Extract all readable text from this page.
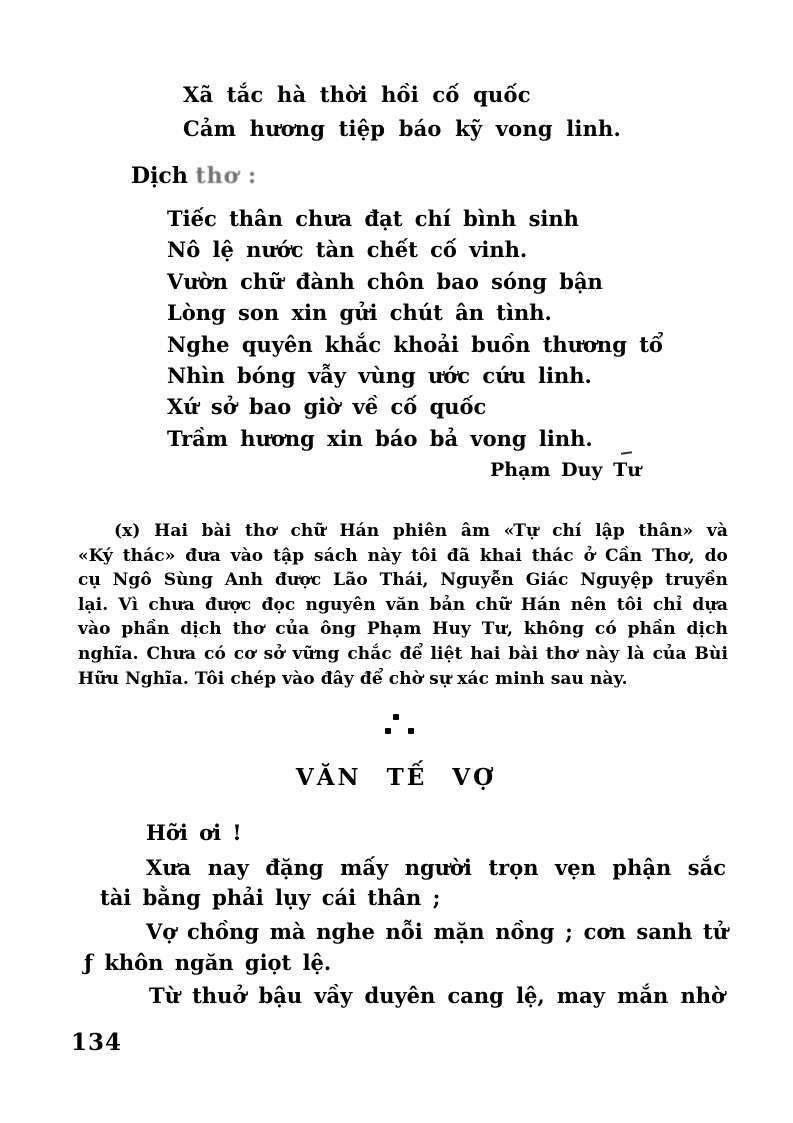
Xã tắc hà thời hồi cố quốc
Cảm hương tiệp báo kỹ vong linh.
Dịch thơ :
Tiếc thân chưa đạt chí bình sinh
Nô lệ nước tàn chết cố vinh.
Vườn chữ đành chôn bao sóng bận
Lòng son xin gửi chút ân tình.
Nghe quyên khắc khoải buồn thương tổ
Nhìn bóng vẫy vùng ước cứu linh.
Xứ sở bao giờ về cố quốc
Trầm hương xin báo bả vong linh.
Phạm Duy Tư
(x) Hai bài thơ chữ Hán phiên âm «Tự chí lập thân» và
«Ký thác» đưa vào tập sách này tôi đã khai thác ở Cần Thơ, do
cụ Ngô Sùng Anh được Lão Thái, Nguyễn Giác Nguyệp truyền
lại. Vì chưa được đọc nguyên văn bản chữ Hán nên tôi chỉ dựa
vào phần dịch thơ của ông Phạm Huy Tư, không có phần dịch
nghĩa. Chưa có cơ sở vững chắc để liệt hai bài thơ này là của Bùi
Hữu Nghĩa. Tôi chép vào đây để chờ sự xác minh sau này.
VĂN TẾ VỢ
Hỡi ơi !
Xưa nay đặng mấy người trọn vẹn phận sắc
tài bằng phải lụy cái thân ;
Vợ chồng mà nghe nỗi mặn nồng ; cơn sanh tử
ƒ khôn ngăn giọt lệ.
Từ thuở bậu vầy duyên cang lệ, may mắn nhờ
134
